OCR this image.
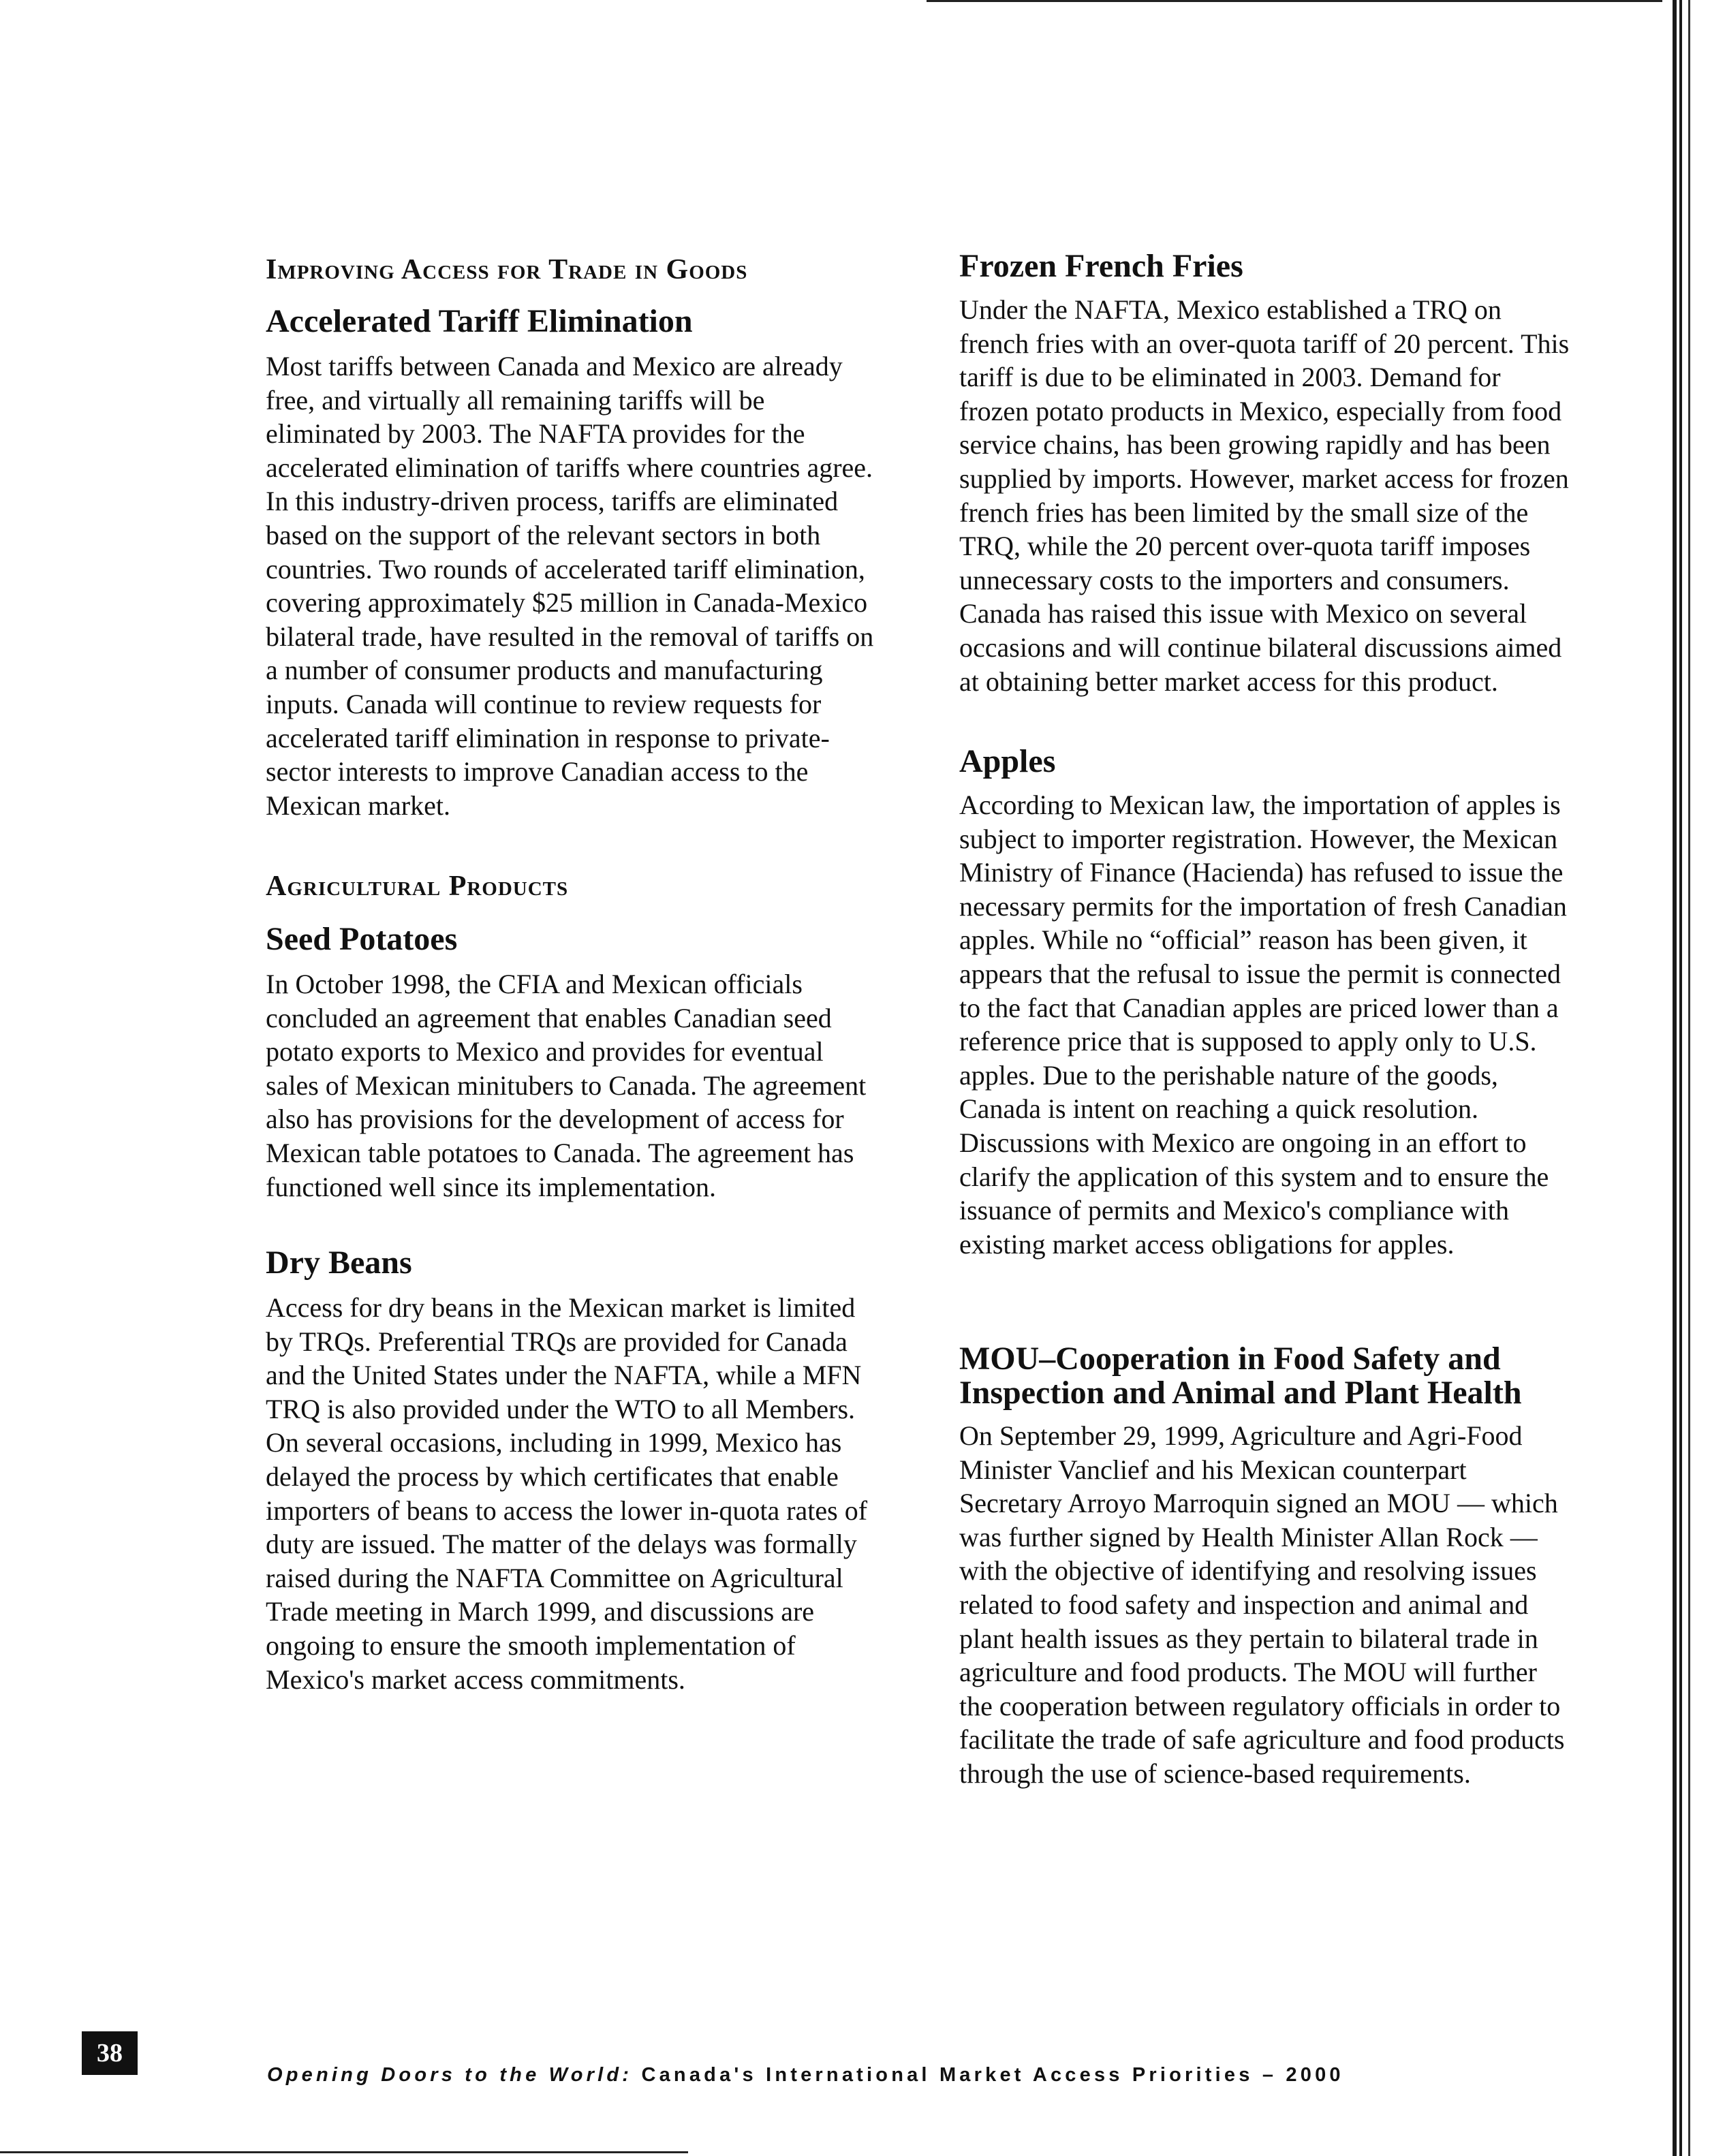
Improving Access for Trade in Goods
Accelerated Tariff Elimination

Most tariffs between Canada and Mexico are already free, and virtually all remaining tariffs will be eliminated by 2003. The NAFTA provides for the accelerated elimination of tariffs where countries agree. In this industry-driven process, tariffs are eliminated based on the support of the relevant sectors in both countries. Two rounds of accelerated tariff elimination, covering approximately $25 million in Canada-Mexico bilateral trade, have resulted in the removal of tariffs on a number of consumer products and manufacturing inputs. Canada will continue to review requests for accelerated tariff elimination in response to private-sector interests to improve Canadian access to the Mexican market.

Agricultural Products
Seed Potatoes

In October 1998, the CFIA and Mexican officials concluded an agreement that enables Canadian seed potato exports to Mexico and provides for eventual sales of Mexican minitubers to Canada. The agreement also has provisions for the development of access for Mexican table potatoes to Canada. The agreement has functioned well since its implementation.

Dry Beans

Access for dry beans in the Mexican market is limited by TRQs. Preferential TRQs are provided for Canada and the United States under the NAFTA, while a MFN TRQ is also provided under the WTO to all Members. On several occasions, including in 1999, Mexico has delayed the process by which certificates that enable importers of beans to access the lower in-quota rates of duty are issued. The matter of the delays was formally raised during the NAFTA Committee on Agricultural Trade meeting in March 1999, and discussions are ongoing to ensure the smooth implementation of Mexico's market access commitments.

Frozen French Fries

Under the NAFTA, Mexico established a TRQ on french fries with an over-quota tariff of 20 percent. This tariff is due to be eliminated in 2003. Demand for frozen potato products in Mexico, especially from food service chains, has been growing rapidly and has been supplied by imports. However, market access for frozen french fries has been limited by the small size of the TRQ, while the 20 percent over-quota tariff imposes unnecessary costs to the importers and consumers. Canada has raised this issue with Mexico on several occasions and will continue bilateral discussions aimed at obtaining better market access for this product.

Apples

According to Mexican law, the importation of apples is subject to importer registration. However, the Mexican Ministry of Finance (Hacienda) has refused to issue the necessary permits for the importation of fresh Canadian apples. While no “official” reason has been given, it appears that the refusal to issue the permit is connected to the fact that Canadian apples are priced lower than a reference price that is supposed to apply only to U.S. apples. Due to the perishable nature of the goods, Canada is intent on reaching a quick resolution. Discussions with Mexico are ongoing in an effort to clarify the application of this system and to ensure the issuance of permits and Mexico's compliance with existing market access obligations for apples.

MOU–Cooperation in Food Safety and Inspection and Animal and Plant Health

On September 29, 1999, Agriculture and Agri-Food Minister Vanclief and his Mexican counterpart Secretary Arroyo Marroquin signed an MOU — which was further signed by Health Minister Allan Rock — with the objective of identifying and resolving issues related to food safety and inspection and animal and plant health issues as they pertain to bilateral trade in agriculture and food products. The MOU will further the cooperation between regulatory officials in order to facilitate the trade of safe agriculture and food products through the use of science-based requirements.

38
Opening Doors to the World: Canada's International Market Access Priorities – 2000
